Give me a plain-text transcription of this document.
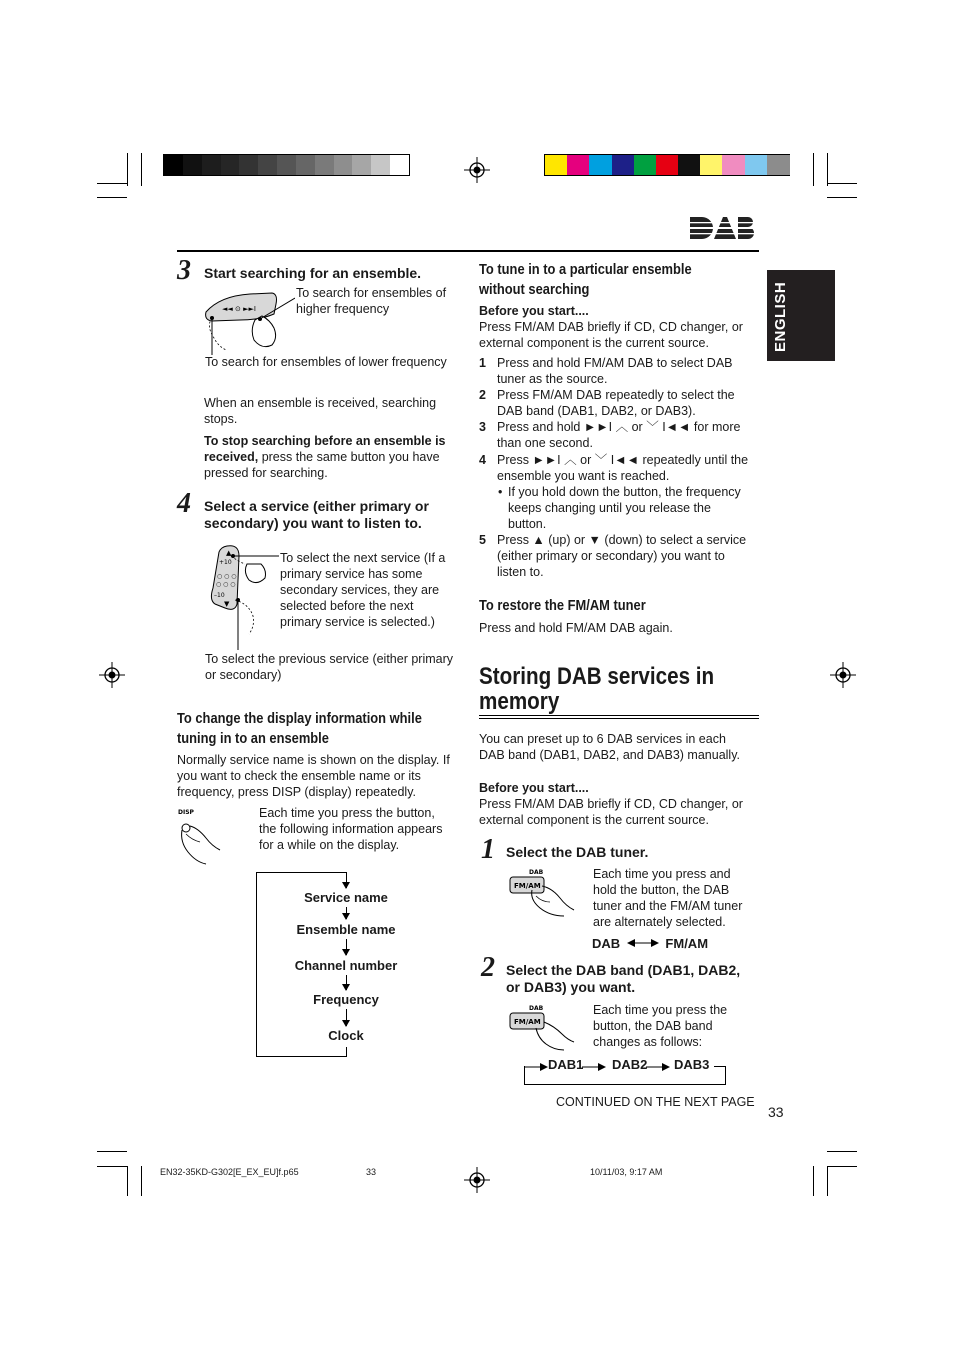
ENGLISH
3 Start searching for an ensemble.
◄◄ ⊙ ►►I
To search for ensembles of higher frequency
To search for ensembles of lower frequency
When an ensemble is received, searching stops.
To stop searching before an ensemble is received, press the same button you have pressed for searching.
4 Select a service (either primary or secondary) you want to listen to.
▲
+10
○ ○ ○
○ ○ ○
–10
▼
To select the next service (If a primary service has some secondary services, they are selected before the next primary service is selected.)
To select the previous service (either primary or secondary)
To change the display information while tuning in to an ensemble
Normally service name is shown on the display. If you want to check the ensemble name or its frequency, press DISP (display) repeatedly.
DISP	Each time you press the button, the following information appears for a while on the display.
Service name
Ensemble name
Channel number
Frequency
Clock
To tune in to a particular ensemble without searching
Before you start....
Press FM/AM DAB briefly if CD, CD changer, or external component is the current source.
1 Press and hold FM/AM DAB to select DAB tuner as the source.
2 Press FM/AM DAB repeatedly to select the DAB band (DAB1, DAB2, or DAB3).
3 Press and hold ►►I ︿ or ﹀ I◄◄ for more than one second.
4 Press ►►I ︿ or ﹀ I◄◄ repeatedly until the ensemble you want is reached.
• If you hold down the button, the frequency keeps changing until you release the button.
5 Press ▲ (up) or ▼ (down) to select a service (either primary or secondary) you want to listen to.
To restore the FM/AM tuner
Press and hold FM/AM DAB again.
Storing DAB services in memory
You can preset up to 6 DAB services in each DAB band (DAB1, DAB2, and DAB3) manually.
Before you start....
Press FM/AM DAB briefly if CD, CD changer, or external component is the current source.
1 Select the DAB tuner.
DAB
FM/AM
Each time you press and hold the button, the DAB tuner and the FM/AM tuner are alternately selected.
DAB	FM/AM
2 Select the DAB band (DAB1, DAB2, or DAB3) you want.
DAB
FM/AM
Each time you press the button, the DAB band changes as follows:
DAB1 DAB2 DAB3
CONTINUED ON THE NEXT PAGE
33
EN32-35KD-G302[E_EX_EU]f.p65	33	10/11/03, 9:17 AM
